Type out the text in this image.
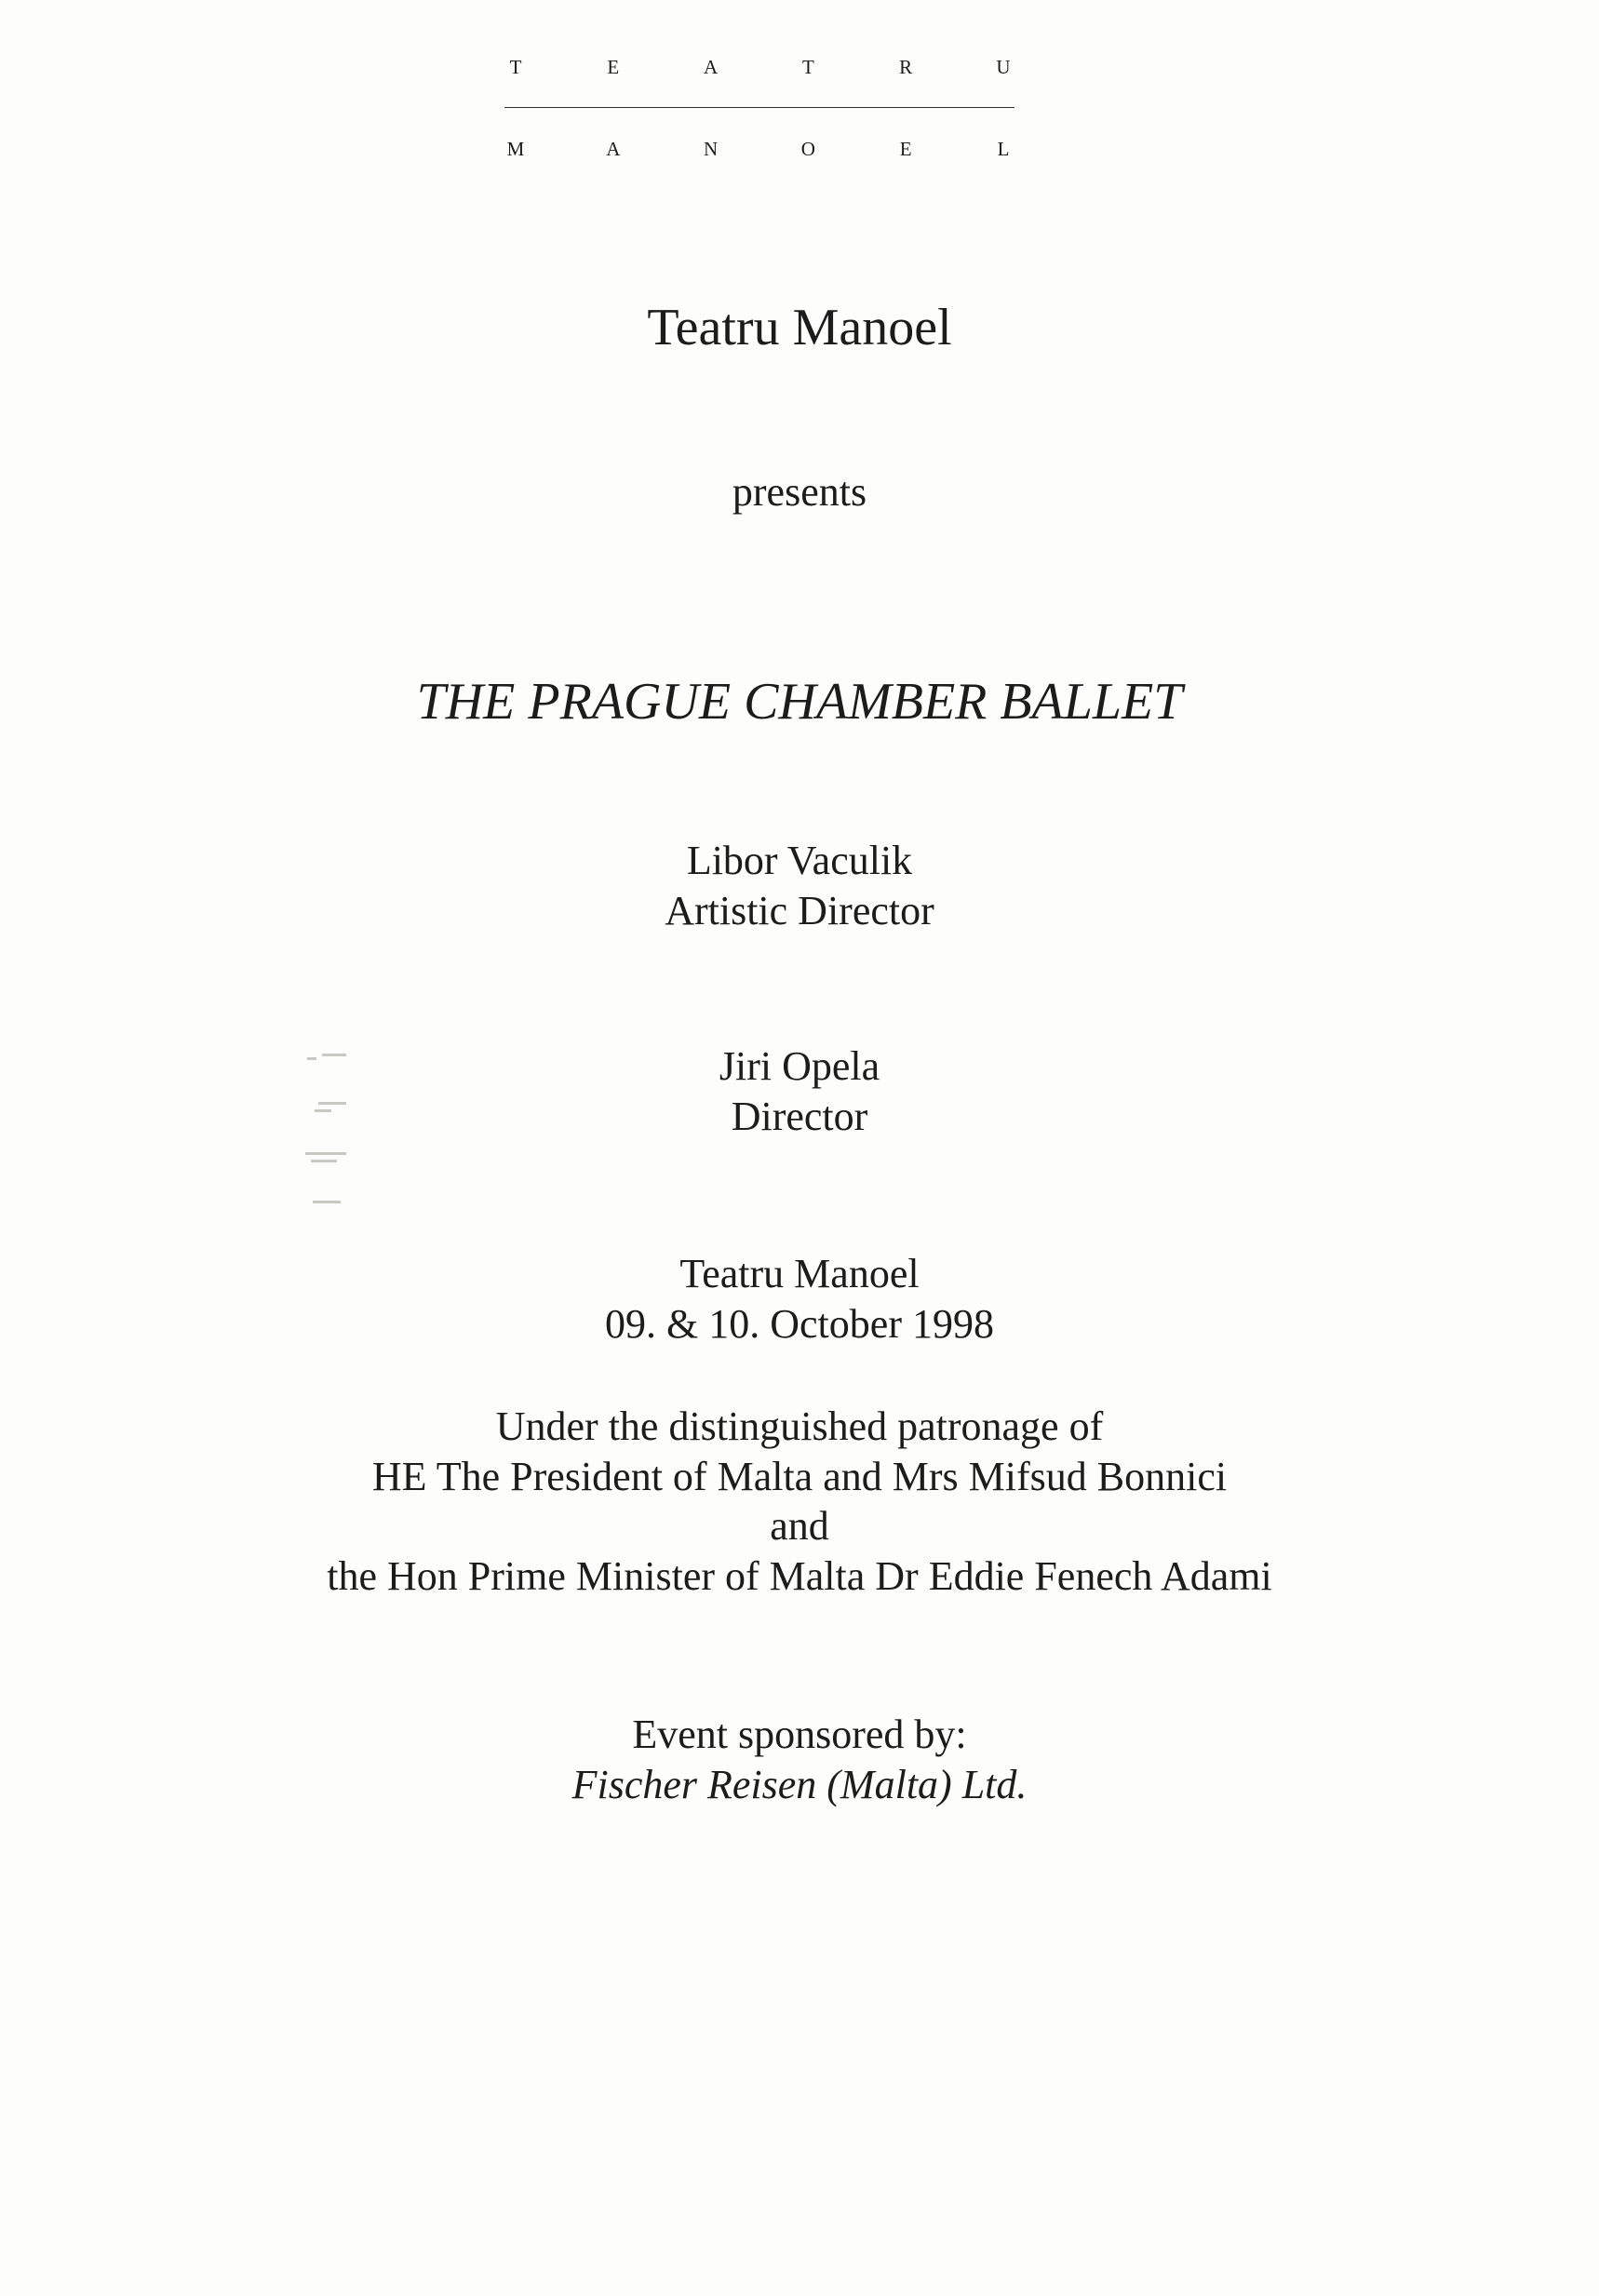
T	E	A	T	R	U
M	A	N	O	E	L
Teatru Manoel
presents
THE PRAGUE CHAMBER BALLET
Libor Vaculik
Artistic Director
Jiri Opela
Director
Teatru Manoel
09. & 10. October 1998
Under the distinguished patronage of
HE The President of Malta and Mrs Mifsud Bonnici
and
the Hon Prime Minister of Malta Dr Eddie Fenech Adami
Event sponsored by:
Fischer Reisen (Malta) Ltd.
